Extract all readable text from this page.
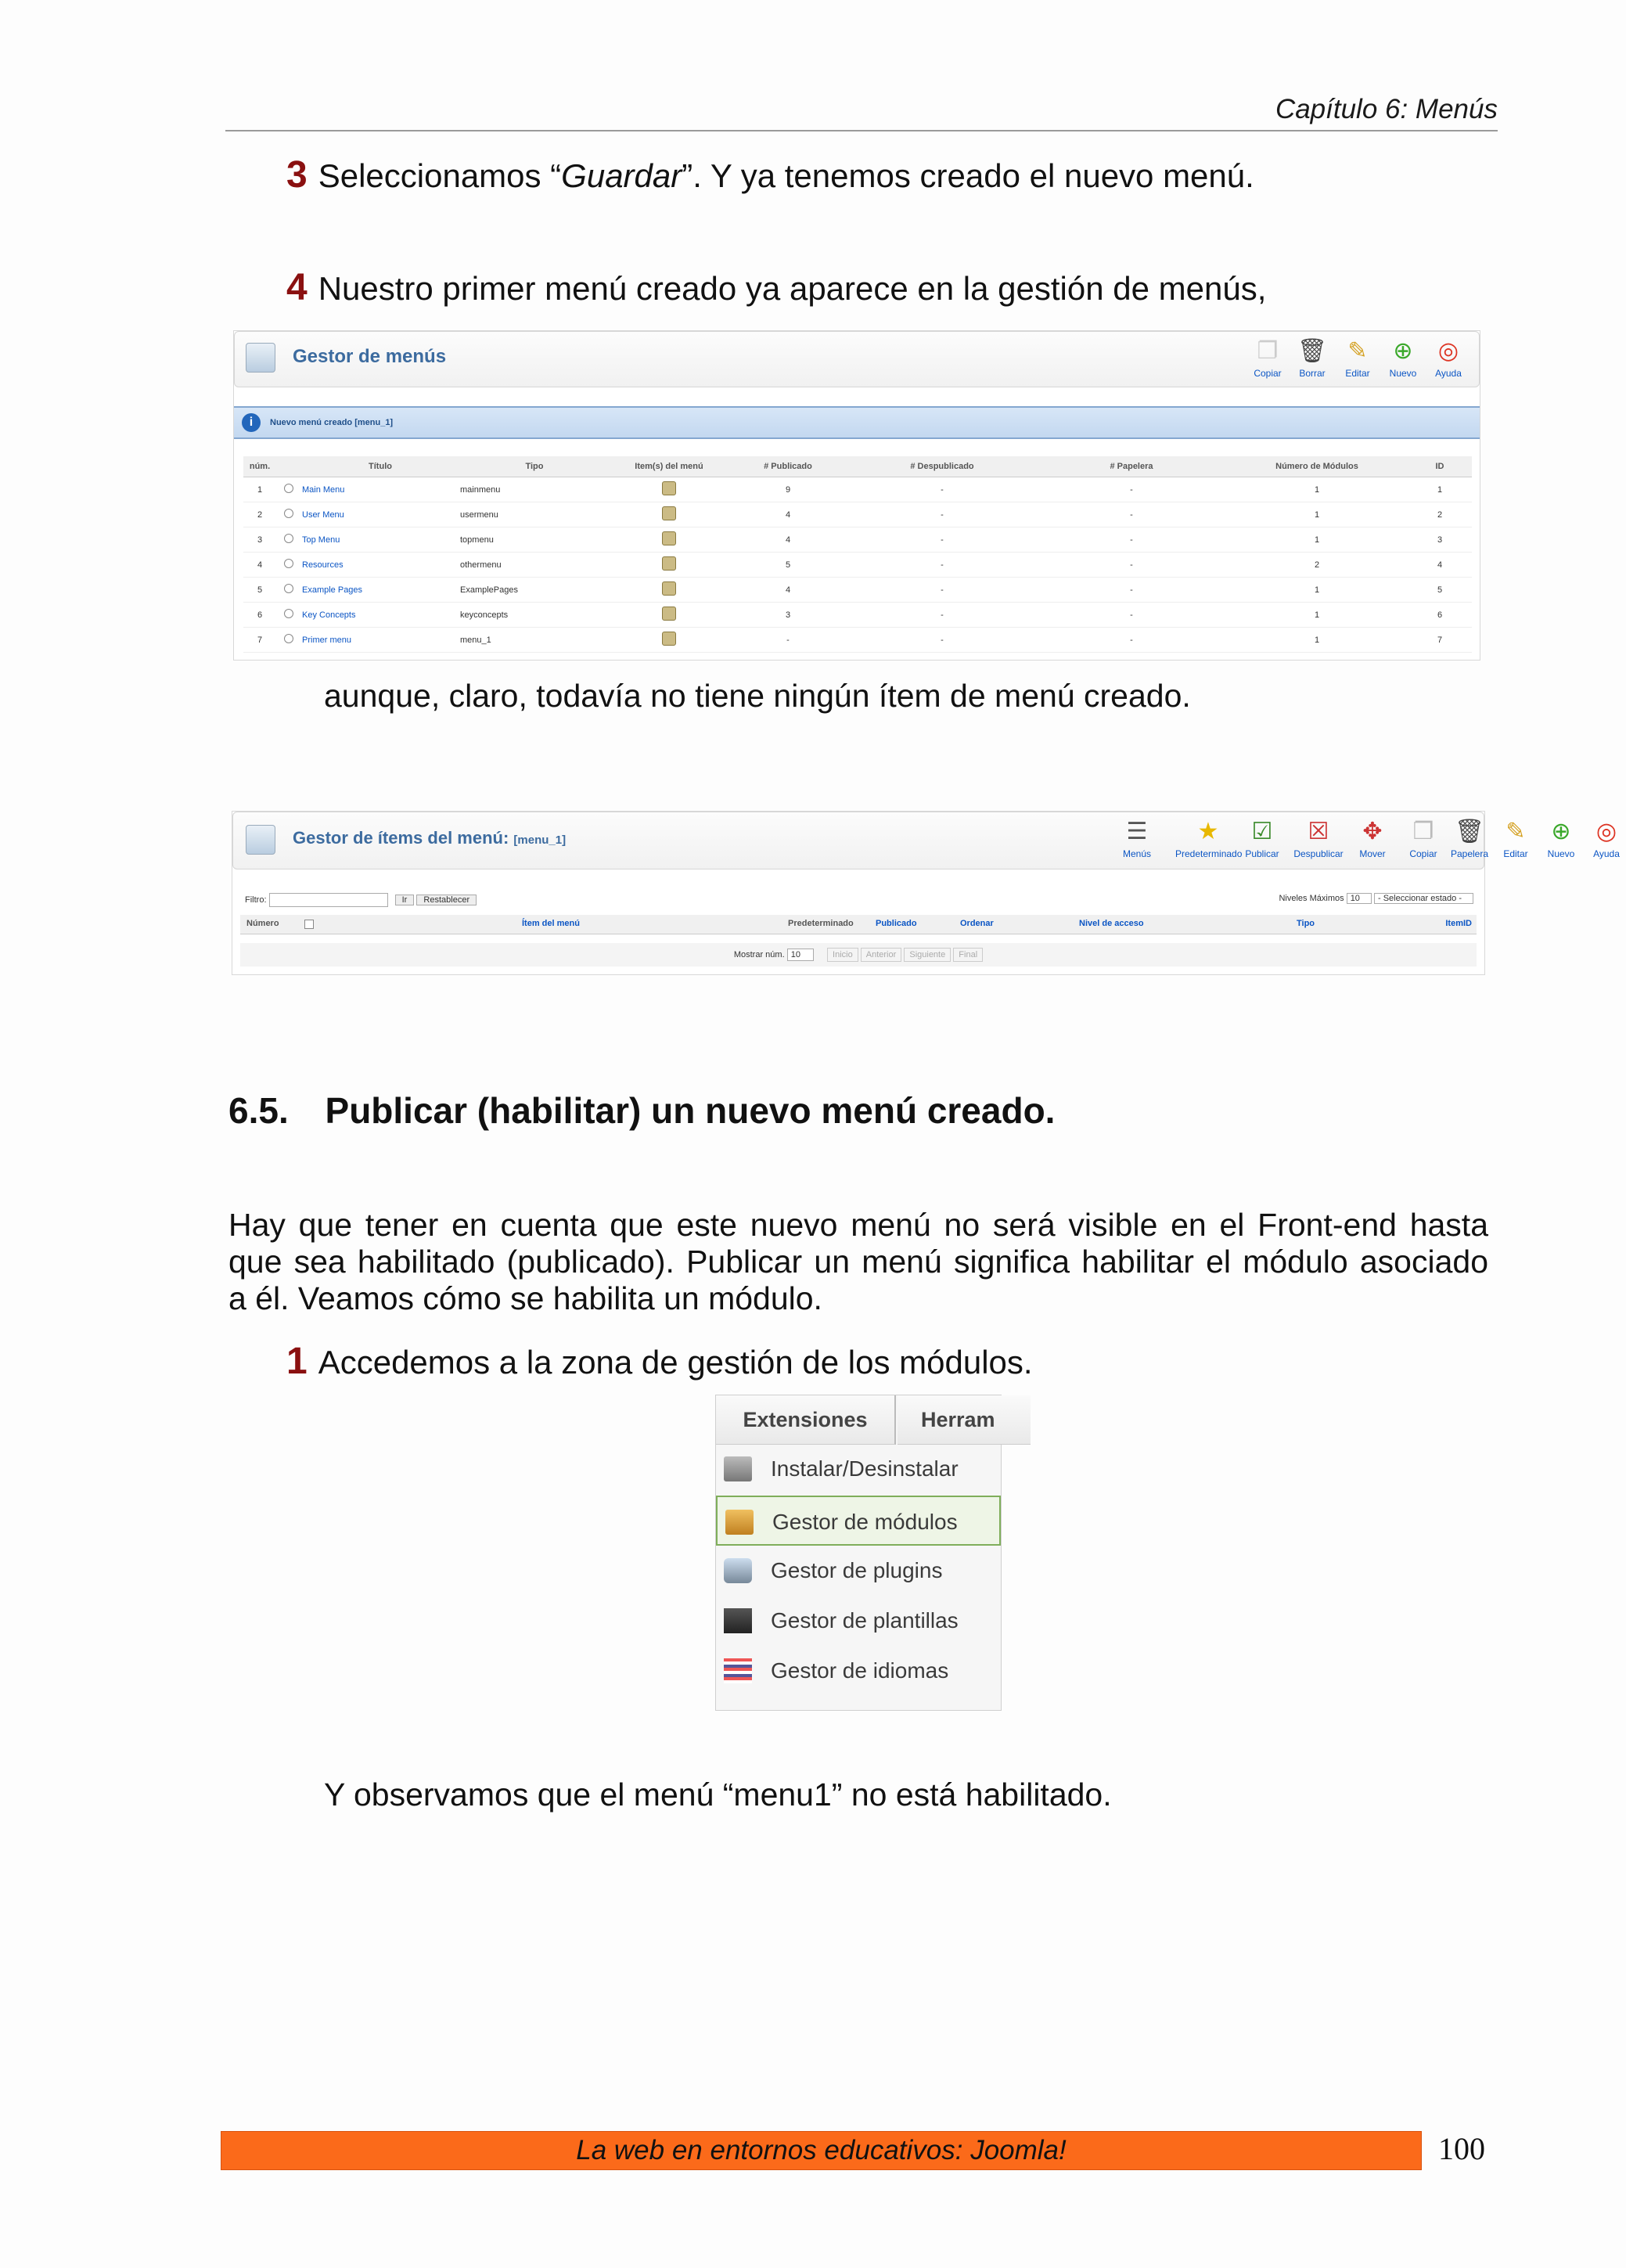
Capítulo 6: Menús
3 Seleccionamos “Guardar”. Y ya tenemos creado el nuevo menú.
4 Nuestro primer menú creado ya aparece en la gestión de menús,
Gestor de menús	❐
Copiar
🗑
Borrar
✎
Editar
⊕
Nuevo
◎
Ayuda
i Nuevo menú creado [menu_1]
núm.		Título	Tipo	Item(s) del menú	# Publicado	# Despublicado	# Papelera	Número de Módulos	ID
1		Main Menu	mainmenu		9	-	-	1	1
2		User Menu	usermenu		4	-	-	1	2
3		Top Menu	topmenu		4	-	-	1	3
4		Resources	othermenu		5	-	-	2	4
5		Example Pages	ExamplePages		4	-	-	1	5
6		Key Concepts	keyconcepts		3	-	-	1	6
7		Primer menu	menu_1		-	-	-	1	7
aunque, claro, todavía no tiene ningún ítem de menú creado.
Gestor de ítems del menú: [menu_1]	☰
Menús
★
Predeterminado
☑
Publicar
☒
Despublicar
✥
Mover
❐
Copiar
🗑
Papelera
✎
Editar
⊕
Nuevo
◎
Ayuda
Filtro:	Ir Restablecer	Niveles Máximos 10 - Seleccionar estado -
Número	Ítem del menú	Predeterminado	Publicado	Ordenar	Nivel de acceso	Tipo	ItemID
Mostrar núm. 10	Inicio Anterior Siguiente Final
6.5. Publicar (habilitar) un nuevo menú creado.
Hay que tener en cuenta que este nuevo menú no será visible en el Front-end hasta
que sea habilitado (publicado). Publicar un menú significa habilitar el módulo asociado
a él. Veamos cómo se habilita un módulo.
1 Accedemos a la zona de gestión de los módulos.
Extensiones	Herram
Instalar/Desinstalar
Gestor de módulos
Gestor de plugins
Gestor de plantillas
Gestor de idiomas
Y observamos que el menú “menu1” no está habilitado.
La web en entornos educativos: Joomla!	100
